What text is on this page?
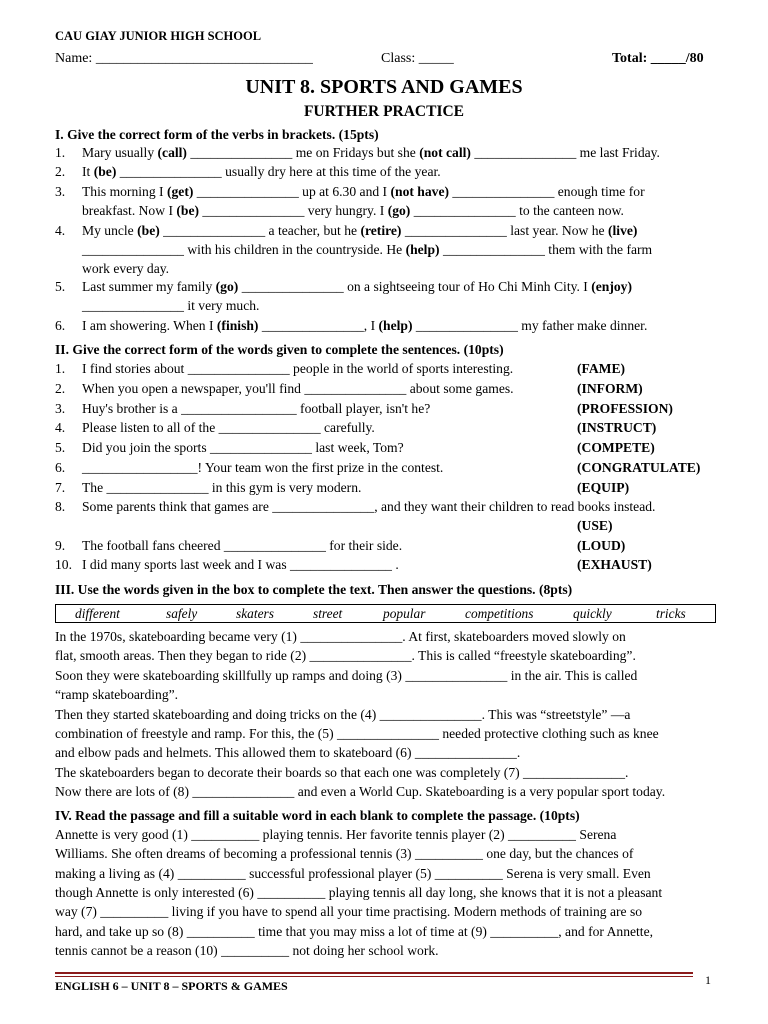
CAU GIAY JUNIOR HIGH SCHOOL
Name: _______________________________	Class: _____	Total: _____/80
UNIT 8. SPORTS AND GAMES
FURTHER PRACTICE
I. Give the correct form of the verbs in brackets. (15pts)
1. Mary usually (call) _______________ me on Fridays but she (not call) _______________ me last Friday.
2. It (be) _______________ usually dry here at this time of the year.
3. This morning I (get) _______________ up at 6.30 and I (not have) _______________ enough time for
breakfast. Now I (be) _______________ very hungry. I (go) _______________ to the canteen now.
4. My uncle (be) _______________ a teacher, but he (retire) _______________ last year. Now he (live)
_______________ with his children in the countryside. He (help) _______________ them with the farm
work every day.
5. Last summer my family (go) _______________ on a sightseeing tour of Ho Chi Minh City. I (enjoy)
_______________ it very much.
6. I am showering. When I (finish) _______________, I (help) _______________ my father make dinner.
II. Give the correct form of the words given to complete the sentences. (10pts)
1. I find stories about _______________ people in the world of sports interesting.	(FAME)
2. When you open a newspaper, you'll find _______________ about some games.	(INFORM)
3. Huy's brother is a _________________ football player, isn't he?	(PROFESSION)
4. Please listen to all of the _______________ carefully.	(INSTRUCT)
5. Did you join the sports _______________ last week, Tom?	(COMPETE)
6. _________________! Your team won the first prize in the contest.	(CONGRATULATE)
7. The _______________ in this gym is very modern.	(EQUIP)
8. Some parents think that games are _______________, and they want their children to read books instead.
(USE)
9. The football fans cheered _______________ for their side.	(LOUD)
10. I did many sports last week and I was _______________ .	(EXHAUST)
III. Use the words given in the box to complete the text. Then answer the questions. (8pts)
different	safely	skaters	street	popular	competitions	quickly	tricks
In the 1970s, skateboarding became very (1) _______________. At first, skateboarders moved slowly on
flat, smooth areas. Then they began to ride (2) _______________. This is called “freestyle skateboarding”.
Soon they were skateboarding skillfully up ramps and doing (3) _______________ in the air. This is called
“ramp skateboarding”.
Then they started skateboarding and doing tricks on the (4) _______________. This was “streetstyle” —a
combination of freestyle and ramp. For this, the (5) _______________ needed protective clothing such as knee
and elbow pads and helmets. This allowed them to skateboard (6) _______________.
The skateboarders began to decorate their boards so that each one was completely (7) _______________.
Now there are lots of (8) _______________ and even a World Cup. Skateboarding is a very popular sport today.
IV. Read the passage and fill a suitable word in each blank to complete the passage. (10pts)
Annette is very good (1) __________ playing tennis. Her favorite tennis player (2) __________ Serena
Williams. She often dreams of becoming a professional tennis (3) __________ one day, but the chances of
making a living as (4) __________ successful professional player (5) __________ Serena is very small. Even
though Annette is only interested (6) __________ playing tennis all day long, she knows that it is not a pleasant
way (7) __________ living if you have to spend all your time practising. Modern methods of training are so
hard, and take up so (8) __________ time that you may miss a lot of time at (9) __________, and for Annette,
tennis cannot be a reason (10) __________ not doing her school work.
ENGLISH 6 – UNIT 8 – SPORTS & GAMES	1
